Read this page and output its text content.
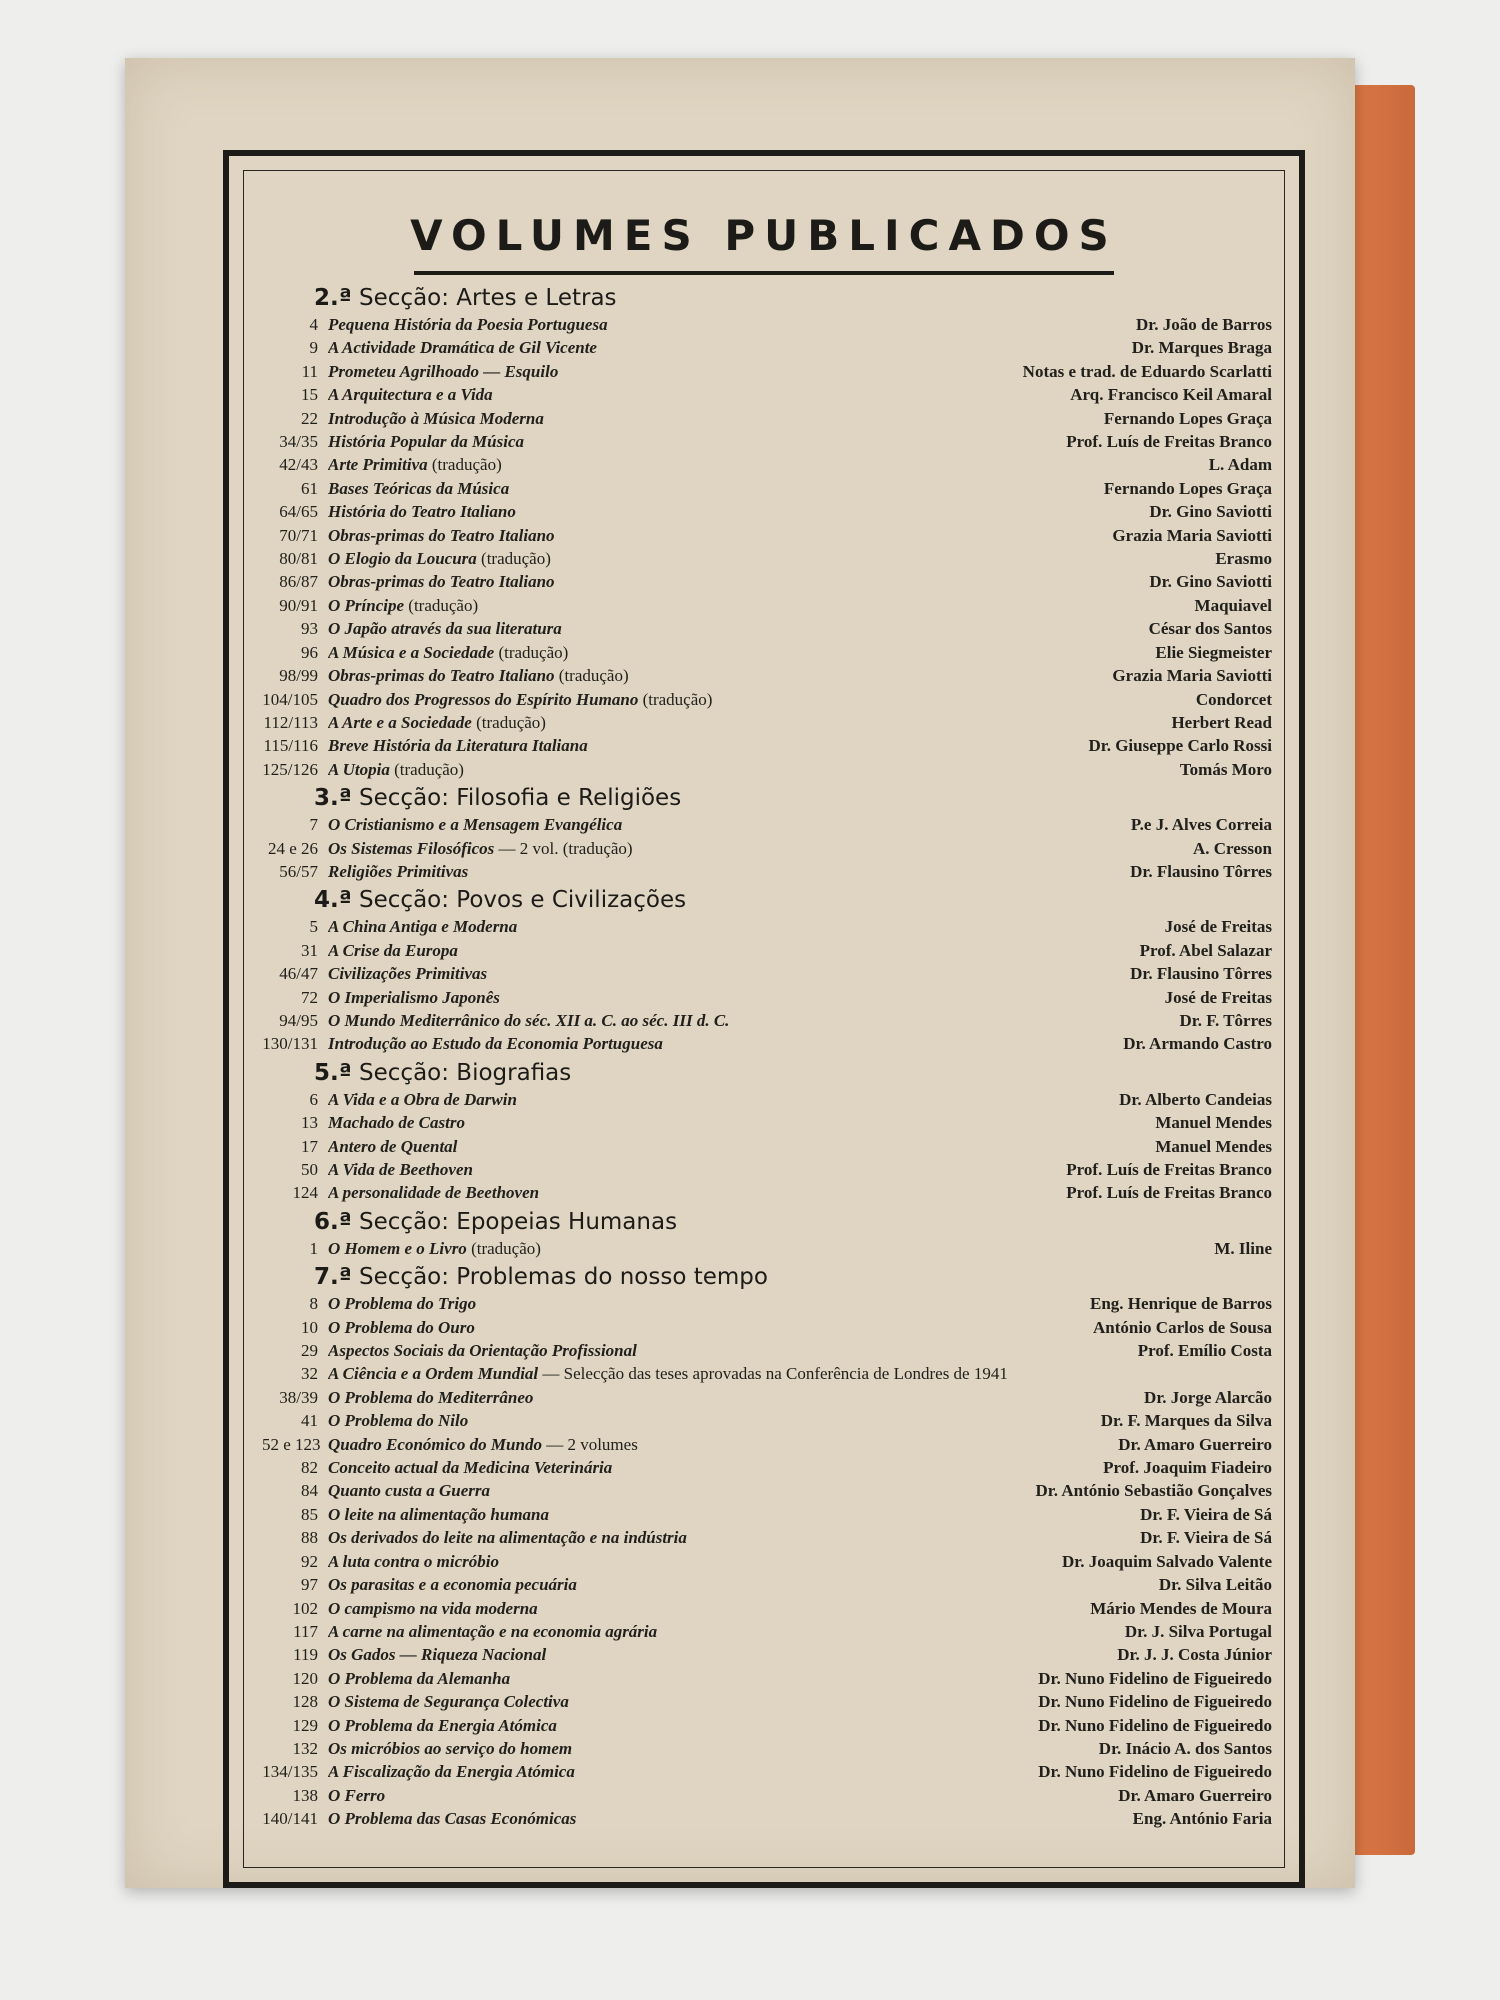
VOLUMES PUBLICADOS
2.ª Secção: Artes e Letras
4 Pequena História da Poesia Portuguesa	Dr. João de Barros
9 A Actividade Dramática de Gil Vicente	Dr. Marques Braga
11 Prometeu Agrilhoado — Esquilo	Notas e trad. de Eduardo Scarlatti
15 A Arquitectura e a Vida	Arq. Francisco Keil Amaral
22 Introdução à Música Moderna	Fernando Lopes Graça
34/35 História Popular da Música	Prof. Luís de Freitas Branco
42/43 Arte Primitiva (tradução)	L. Adam
61 Bases Teóricas da Música	Fernando Lopes Graça
64/65 História do Teatro Italiano	Dr. Gino Saviotti
70/71 Obras-primas do Teatro Italiano	Grazia Maria Saviotti
80/81 O Elogio da Loucura (tradução)	Erasmo
86/87 Obras-primas do Teatro Italiano	Dr. Gino Saviotti
90/91 O Príncipe (tradução)	Maquiavel
93 O Japão através da sua literatura	César dos Santos
96 A Música e a Sociedade (tradução)	Elie Siegmeister
98/99 Obras-primas do Teatro Italiano (tradução)	Grazia Maria Saviotti
104/105 Quadro dos Progressos do Espírito Humano (tradução)	Condorcet
112/113 A Arte e a Sociedade (tradução)	Herbert Read
115/116 Breve História da Literatura Italiana	Dr. Giuseppe Carlo Rossi
125/126 A Utopia (tradução)	Tomás Moro
3.ª Secção: Filosofia e Religiões
7 O Cristianismo e a Mensagem Evangélica	P.e J. Alves Correia
24 e 26 Os Sistemas Filosóficos — 2 vol. (tradução)	A. Cresson
56/57 Religiões Primitivas	Dr. Flausino Tôrres
4.ª Secção: Povos e Civilizações
5 A China Antiga e Moderna	José de Freitas
31 A Crise da Europa	Prof. Abel Salazar
46/47 Civilizações Primitivas	Dr. Flausino Tôrres
72 O Imperialismo Japonês	José de Freitas
94/95 O Mundo Mediterrânico do séc. XII a. C. ao séc. III d. C.	Dr. F. Tôrres
130/131 Introdução ao Estudo da Economia Portuguesa	Dr. Armando Castro
5.ª Secção: Biografias
6 A Vida e a Obra de Darwin	Dr. Alberto Candeias
13 Machado de Castro	Manuel Mendes
17 Antero de Quental	Manuel Mendes
50 A Vida de Beethoven	Prof. Luís de Freitas Branco
124 A personalidade de Beethoven	Prof. Luís de Freitas Branco
6.ª Secção: Epopeias Humanas
1 O Homem e o Livro (tradução)	M. Iline
7.ª Secção: Problemas do nosso tempo
8 O Problema do Trigo	Eng. Henrique de Barros
10 O Problema do Ouro	António Carlos de Sousa
29 Aspectos Sociais da Orientação Profissional	Prof. Emílio Costa
32 A Ciência e a Ordem Mundial — Selecção das teses aprovadas na Conferência de Londres de 1941
38/39 O Problema do Mediterrâneo	Dr. Jorge Alarcão
41 O Problema do Nilo	Dr. F. Marques da Silva
52 e 123 Quadro Económico do Mundo — 2 volumes	Dr. Amaro Guerreiro
82 Conceito actual da Medicina Veterinária	Prof. Joaquim Fiadeiro
84 Quanto custa a Guerra	Dr. António Sebastião Gonçalves
85 O leite na alimentação humana	Dr. F. Vieira de Sá
88 Os derivados do leite na alimentação e na indústria	Dr. F. Vieira de Sá
92 A luta contra o micróbio	Dr. Joaquim Salvado Valente
97 Os parasitas e a economia pecuária	Dr. Silva Leitão
102 O campismo na vida moderna	Mário Mendes de Moura
117 A carne na alimentação e na economia agrária	Dr. J. Silva Portugal
119 Os Gados — Riqueza Nacional	Dr. J. J. Costa Júnior
120 O Problema da Alemanha	Dr. Nuno Fidelino de Figueiredo
128 O Sistema de Segurança Colectiva	Dr. Nuno Fidelino de Figueiredo
129 O Problema da Energia Atómica	Dr. Nuno Fidelino de Figueiredo
132 Os micróbios ao serviço do homem	Dr. Inácio A. dos Santos
134/135 A Fiscalização da Energia Atómica	Dr. Nuno Fidelino de Figueiredo
138 O Ferro	Dr. Amaro Guerreiro
140/141 O Problema das Casas Económicas	Eng. António Faria
